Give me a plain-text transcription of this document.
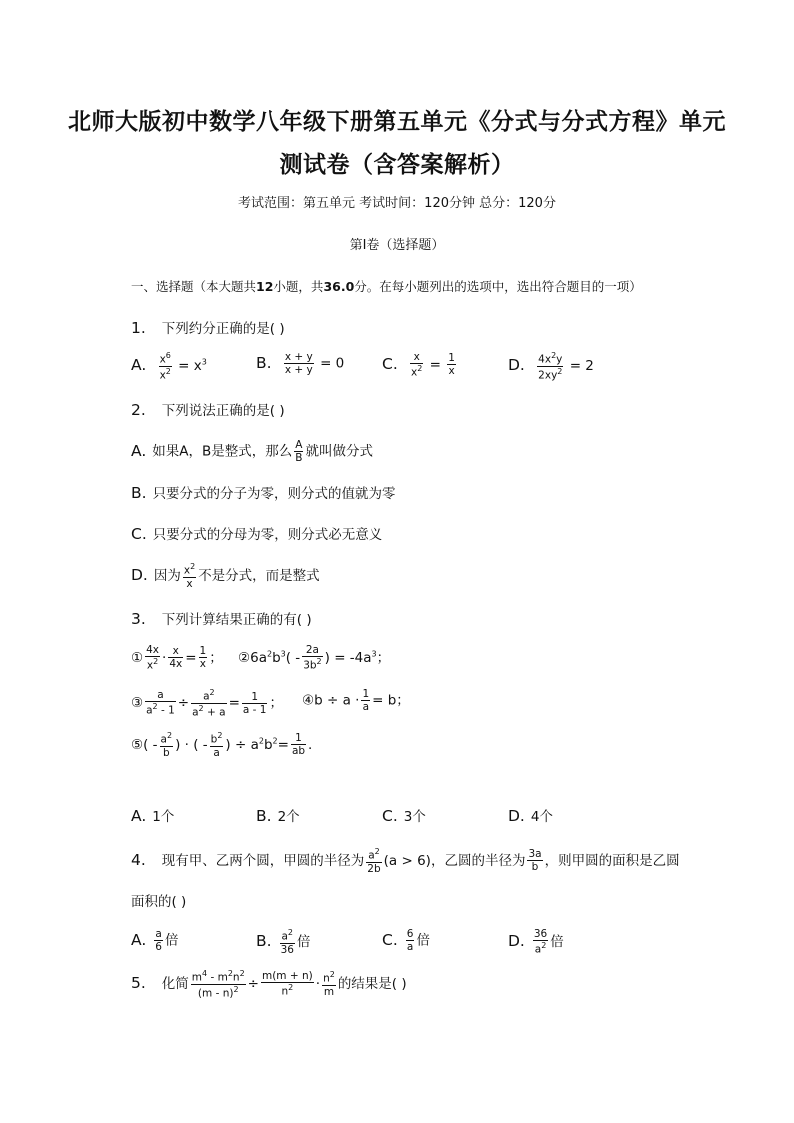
北师大版初中数学八年级下册第五单元《分式与分式方程》单元
测试卷（含答案解析）
考试范围：第五单元 考试时间：120分钟 总分：120分
第Ⅰ卷（选择题）
一、选择题（本大题共12小题，共36.0分。在每小题列出的选项中，选出符合题目的一项）
1. 下列约分正确的是( )
A. $\frac{x^6}{x^2} = x^3$	B. $\frac{x + y}{x + y} = 0$ C. $\frac{x}{x^2} = \frac{1}{x}$	D. $\frac{4x^2y}{2xy^2} = 2$
2. 下列说法正确的是( )
A. 如果A，B是整式，那么 $\frac{A}{B}$ 就叫做分式
B. 只要分式的分子为零，则分式的值就为零
C. 只要分式的分母为零，则分式必无意义
D. 因为 $\frac{x^2}{x}$ 不是分式，而是整式
3. 下列计算结果正确的有( )
① $\frac{4x}{x^2} \cdot \frac{x}{4x} = \frac{1}{x}$ ； $②6a^2b^3( - \frac{2a}{3b^2}$ ) = $-4a^3$；
③ $\frac{a}{a^2 - 1} \div \frac{a^2}{a^2 + a} = \frac{1}{a - 1}$ ； ④b ÷ $a \cdot \frac{1}{a} = b$；
⑤( - $\frac{a^2}{b}$ ) · ( - $\frac{b^2}{a}$ ) ÷ $a^2b^2= \frac{1}{ab}$ .
A. 1个	B. 2个	C. 3个	D. 4个
4. 现有甲、乙两个圆，甲圆的半径为 $\frac{a^2}{2b} (a > 6)$，乙圆的半径为 $\frac{3a}{b}$ ，则甲圆的面积是乙圆
面积的( )
A. $\frac{a}{6}$ 倍	B. $\frac{a^2}{36}$ 倍	C. $\frac{6}{a}$ 倍	D. $\frac{36}{a^2}$ 倍
5. 化简 $\frac{m^4 - m^2n^2}{(m - n)^2} \div \frac{m(m + n)}{n^2} \cdot \frac{n^2}{m}$ 的结果是( )
